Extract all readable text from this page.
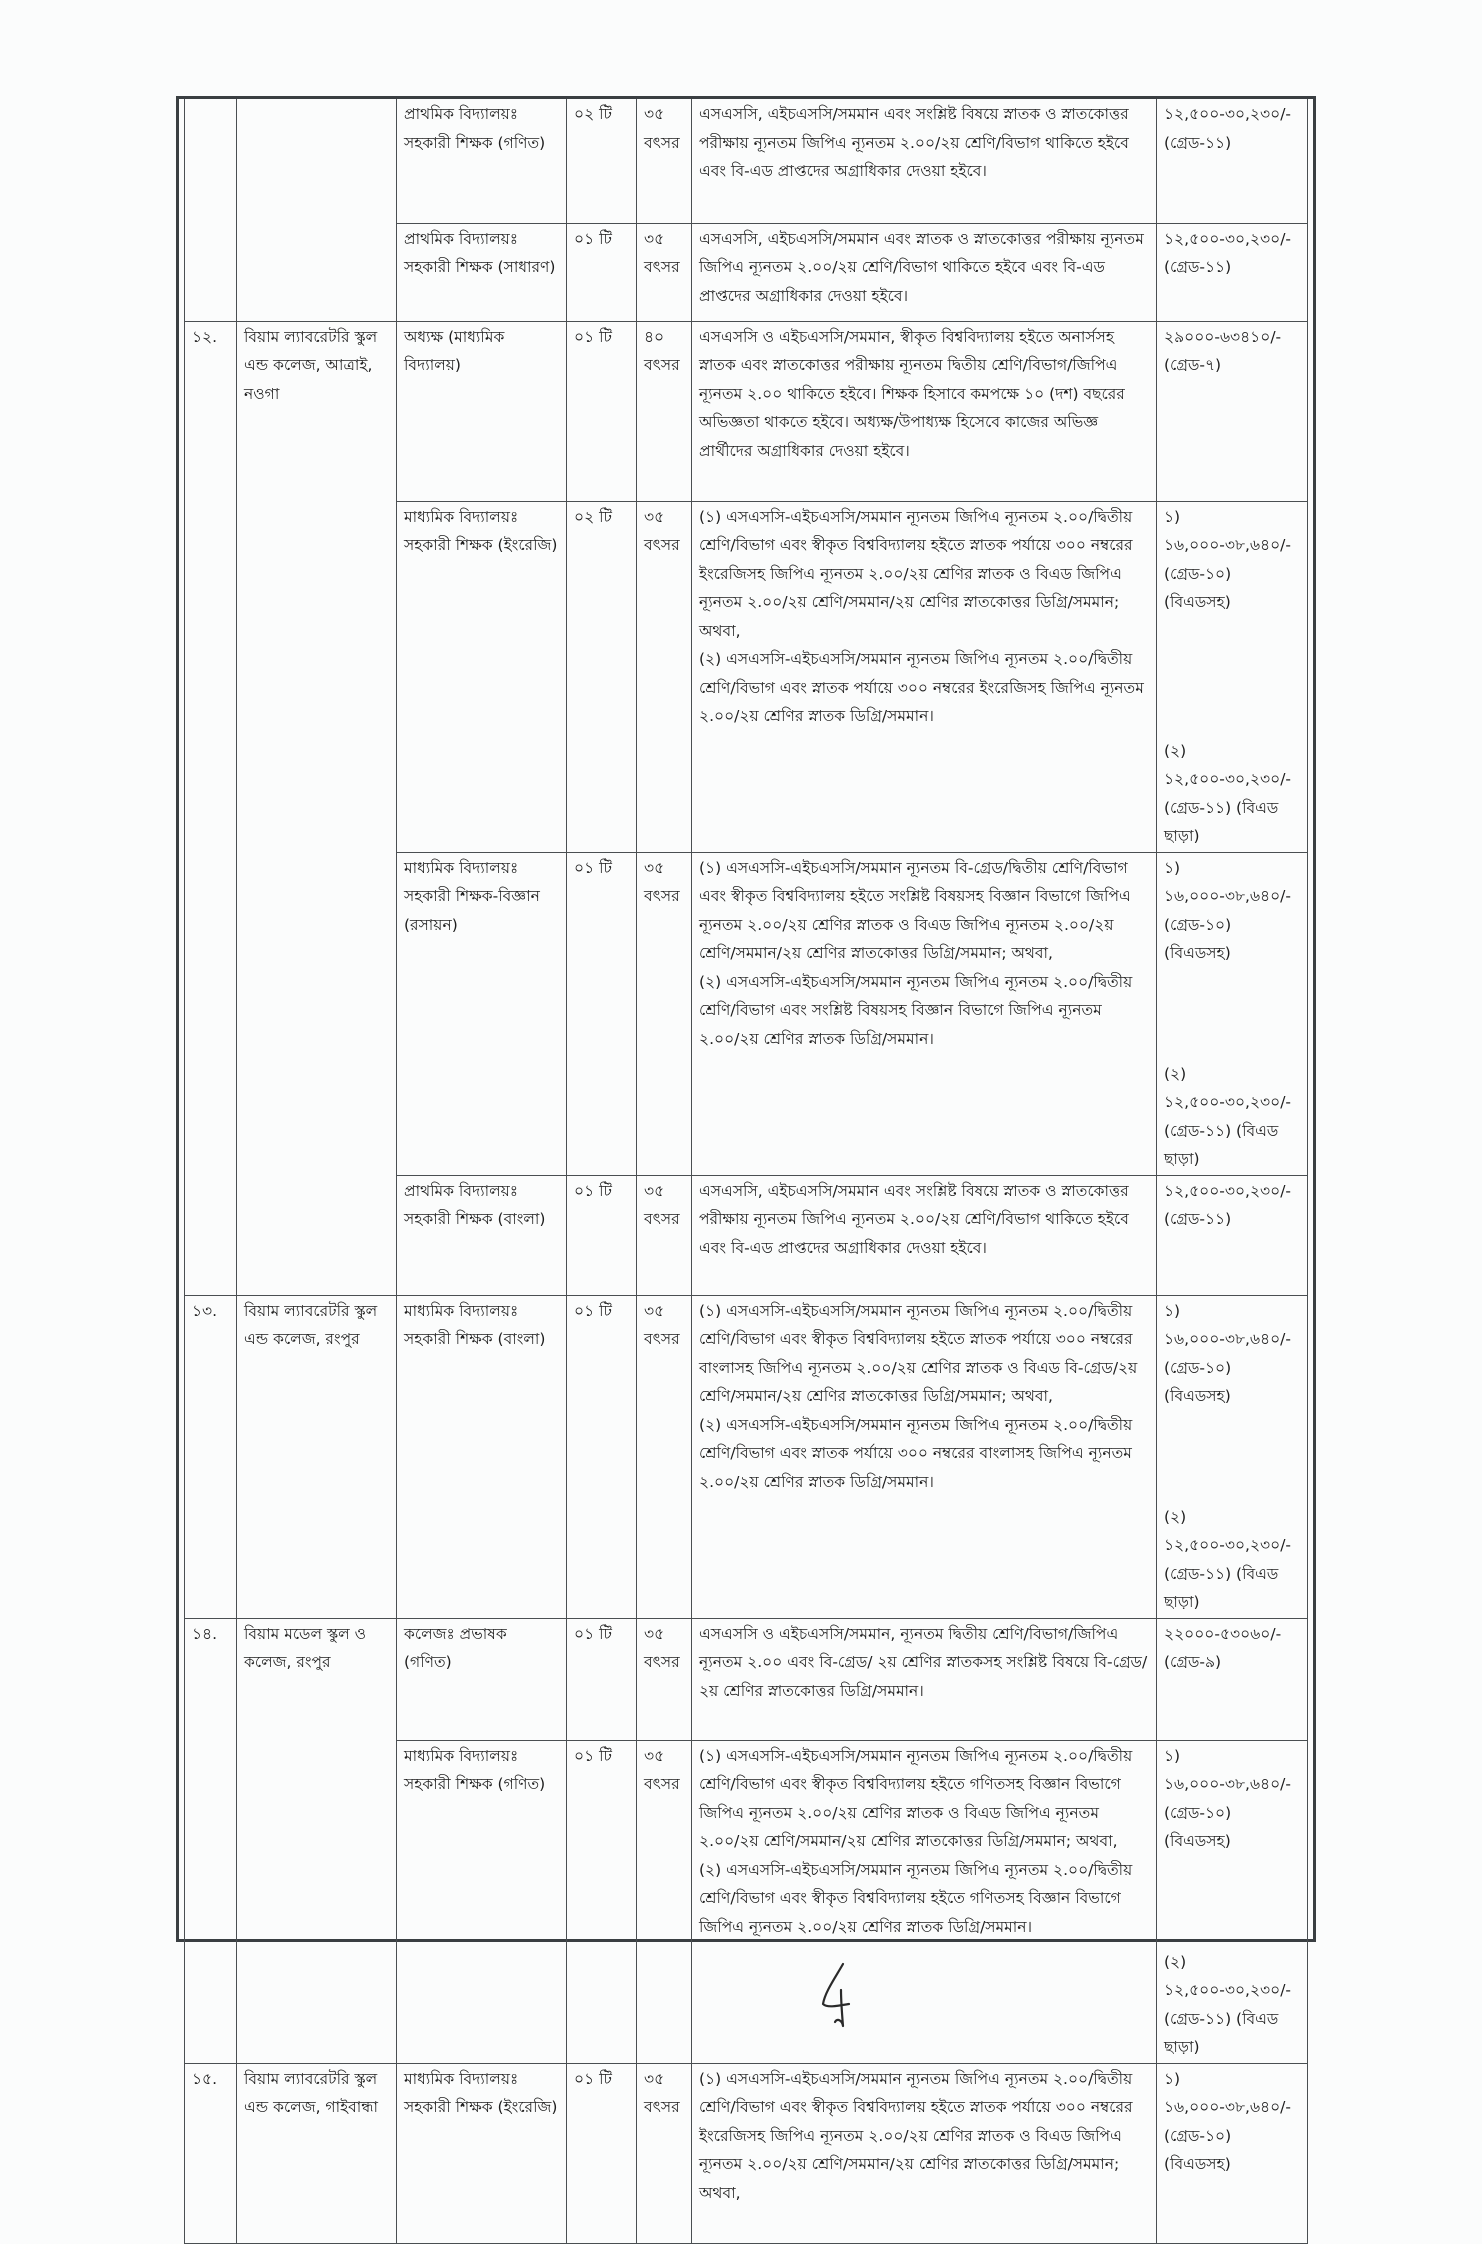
		প্রাথমিক বিদ্যালয়ঃ সহকারী শিক্ষক (গণিত)	০২ টি	৩৫ বৎসর	এসএসসি, এইচএসসি/সমমান এবং সংশ্লিষ্ট বিষয়ে স্নাতক ও স্নাতকোত্তর পরীক্ষায় ন্যূনতম জিপিএ ন্যূনতম ২.০০/২য় শ্রেণি/বিভাগ থাকিতে হইবে এবং বি-এড প্রাপ্তদের অগ্রাধিকার দেওয়া হইবে।	১২,৫০০-৩০,২৩০/- (গ্রেড-১১)

		প্রাথমিক বিদ্যালয়ঃ সহকারী শিক্ষক (সাধারণ)	০১ টি	৩৫ বৎসর	এসএসসি, এইচএসসি/সমমান এবং স্নাতক ও স্নাতকোত্তর পরীক্ষায় ন্যূনতম জিপিএ ন্যূনতম ২.০০/২য় শ্রেণি/বিভাগ থাকিতে হইবে এবং বি-এড প্রাপ্তদের অগ্রাধিকার দেওয়া হইবে।	১২,৫০০-৩০,২৩০/- (গ্রেড-১১)

১২.	বিয়াম ল্যাবরেটরি স্কুল এন্ড কলেজ, আত্রাই, নওগা	অধ্যক্ষ (মাধ্যমিক বিদ্যালয়)	০১ টি	৪০ বৎসর	এসএসসি ও এইচএসসি/সমমান, স্বীকৃত বিশ্ববিদ্যালয় হইতে অনার্সসহ স্নাতক এবং স্নাতকোত্তর পরীক্ষায় ন্যূনতম দ্বিতীয় শ্রেণি/বিভাগ/জিপিএ ন্যূনতম ২.০০ থাকিতে হইবে। শিক্ষক হিসাবে কমপক্ষে ১০ (দশ) বছরের অভিজ্ঞতা থাকতে হইবে। অধ্যক্ষ/উপাধ্যক্ষ হিসেবে কাজের অভিজ্ঞ প্রার্থীদের অগ্রাধিকার দেওয়া হইবে।	২৯০০০-৬৩৪১০/- (গ্রেড-৭)

		মাধ্যমিক বিদ্যালয়ঃ সহকারী শিক্ষক (ইংরেজি)	০২ টি	৩৫ বৎসর	(১) এসএসসি-এইচএসসি/সমমান ন্যূনতম জিপিএ ন্যূনতম ২.০০/দ্বিতীয় শ্রেণি/বিভাগ এবং স্বীকৃত বিশ্ববিদ্যালয় হইতে স্নাতক পর্যায়ে ৩০০ নম্বরের ইংরেজিসহ জিপিএ ন্যূনতম ২.০০/২য় শ্রেণির স্নাতক ও বিএড জিপিএ ন্যূনতম ২.০০/২য় শ্রেণি/সমমান/২য় শ্রেণির স্নাতকোত্তর ডিগ্রি/সমমান; অথবা,
(২) এসএসসি-এইচএসসি/সমমান ন্যূনতম জিপিএ ন্যূনতম ২.০০/দ্বিতীয় শ্রেণি/বিভাগ এবং স্নাতক পর্যায়ে ৩০০ নম্বরের ইংরেজিসহ জিপিএ ন্যূনতম ২.০০/২য় শ্রেণির স্নাতক ডিগ্রি/সমমান।	১) ১৬,০০০-৩৮,৬৪০/- (গ্রেড-১০) (বিএডসহ)
(২) ১২,৫০০-৩০,২৩০/- (গ্রেড-১১) (বিএড ছাড়া)

		মাধ্যমিক বিদ্যালয়ঃ সহকারী শিক্ষক-বিজ্ঞান (রসায়ন)	০১ টি	৩৫ বৎসর	(১) এসএসসি-এইচএসসি/সমমান ন্যূনতম বি-গ্রেড/দ্বিতীয় শ্রেণি/বিভাগ এবং স্বীকৃত বিশ্ববিদ্যালয় হইতে সংশ্লিষ্ট বিষয়সহ বিজ্ঞান বিভাগে জিপিএ ন্যূনতম ২.০০/২য় শ্রেণির স্নাতক ও বিএড জিপিএ ন্যূনতম ২.০০/২য় শ্রেণি/সমমান/২য় শ্রেণির স্নাতকোত্তর ডিগ্রি/সমমান; অথবা,
(২) এসএসসি-এইচএসসি/সমমান ন্যূনতম জিপিএ ন্যূনতম ২.০০/দ্বিতীয় শ্রেণি/বিভাগ এবং সংশ্লিষ্ট বিষয়সহ বিজ্ঞান বিভাগে জিপিএ ন্যূনতম ২.০০/২য় শ্রেণির স্নাতক ডিগ্রি/সমমান।	১) ১৬,০০০-৩৮,৬৪০/- (গ্রেড-১০) (বিএডসহ)
(২) ১২,৫০০-৩০,২৩০/- (গ্রেড-১১) (বিএড ছাড়া)

		প্রাথমিক বিদ্যালয়ঃ সহকারী শিক্ষক (বাংলা)	০১ টি	৩৫ বৎসর	এসএসসি, এইচএসসি/সমমান এবং সংশ্লিষ্ট বিষয়ে স্নাতক ও স্নাতকোত্তর পরীক্ষায় ন্যূনতম জিপিএ ন্যূনতম ২.০০/২য় শ্রেণি/বিভাগ থাকিতে হইবে এবং বি-এড প্রাপ্তদের অগ্রাধিকার দেওয়া হইবে।	১২,৫০০-৩০,২৩০/- (গ্রেড-১১)

১৩.	বিয়াম ল্যাবরেটরি স্কুল এন্ড কলেজ, রংপুর	মাধ্যমিক বিদ্যালয়ঃ সহকারী শিক্ষক (বাংলা)	০১ টি	৩৫ বৎসর	(১) এসএসসি-এইচএসসি/সমমান ন্যূনতম জিপিএ ন্যূনতম ২.০০/দ্বিতীয় শ্রেণি/বিভাগ এবং স্বীকৃত বিশ্ববিদ্যালয় হইতে স্নাতক পর্যায়ে ৩০০ নম্বরের বাংলাসহ জিপিএ ন্যূনতম ২.০০/২য় শ্রেণির স্নাতক ও বিএড বি-গ্রেড/২য় শ্রেণি/সমমান/২য় শ্রেণির স্নাতকোত্তর ডিগ্রি/সমমান; অথবা,
(২) এসএসসি-এইচএসসি/সমমান ন্যূনতম জিপিএ ন্যূনতম ২.০০/দ্বিতীয় শ্রেণি/বিভাগ এবং স্নাতক পর্যায়ে ৩০০ নম্বরের বাংলাসহ জিপিএ ন্যূনতম ২.০০/২য় শ্রেণির স্নাতক ডিগ্রি/সমমান।	১) ১৬,০০০-৩৮,৬৪০/- (গ্রেড-১০) (বিএডসহ)
(২) ১২,৫০০-৩০,২৩০/- (গ্রেড-১১) (বিএড ছাড়া)

১৪.	বিয়াম মডেল স্কুল ও কলেজ, রংপুর	কলেজঃ প্রভাষক (গণিত)	০১ টি	৩৫ বৎসর	এসএসসি ও এইচএসসি/সমমান, ন্যূনতম দ্বিতীয় শ্রেণি/বিভাগ/জিপিএ ন্যূনতম ২.০০ এবং বি-গ্রেড/ ২য় শ্রেণির স্নাতকসহ সংশ্লিষ্ট বিষয়ে বি-গ্রেড/২য় শ্রেণির স্নাতকোত্তর ডিগ্রি/সমমান।	২২০০০-৫৩০৬০/- (গ্রেড-৯)

		মাধ্যমিক বিদ্যালয়ঃ সহকারী শিক্ষক (গণিত)	০১ টি	৩৫ বৎসর	(১) এসএসসি-এইচএসসি/সমমান ন্যূনতম জিপিএ ন্যূনতম ২.০০/দ্বিতীয় শ্রেণি/বিভাগ এবং স্বীকৃত বিশ্ববিদ্যালয় হইতে গণিতসহ বিজ্ঞান বিভাগে জিপিএ ন্যূনতম ২.০০/২য় শ্রেণির স্নাতক ও বিএড জিপিএ ন্যূনতম ২.০০/২য় শ্রেণি/সমমান/২য় শ্রেণির স্নাতকোত্তর ডিগ্রি/সমমান; অথবা,
(২) এসএসসি-এইচএসসি/সমমান ন্যূনতম জিপিএ ন্যূনতম ২.০০/দ্বিতীয় শ্রেণি/বিভাগ এবং স্বীকৃত বিশ্ববিদ্যালয় হইতে গণিতসহ বিজ্ঞান বিভাগে জিপিএ ন্যূনতম ২.০০/২য় শ্রেণির স্নাতক ডিগ্রি/সমমান।	১) ১৬,০০০-৩৮,৬৪০/- (গ্রেড-১০) (বিএডসহ)
(২) ১২,৫০০-৩০,২৩০/- (গ্রেড-১১) (বিএড ছাড়া)

১৫.	বিয়াম ল্যাবরেটরি স্কুল এন্ড কলেজ, গাইবান্ধা	মাধ্যমিক বিদ্যালয়ঃ সহকারী শিক্ষক (ইংরেজি)	০১ টি	৩৫ বৎসর	(১) এসএসসি-এইচএসসি/সমমান ন্যূনতম জিপিএ ন্যূনতম ২.০০/দ্বিতীয় শ্রেণি/বিভাগ এবং স্বীকৃত বিশ্ববিদ্যালয় হইতে স্নাতক পর্যায়ে ৩০০ নম্বরের ইংরেজিসহ জিপিএ ন্যূনতম ২.০০/২য় শ্রেণির স্নাতক ও বিএড জিপিএ ন্যূনতম ২.০০/২য় শ্রেণি/সমমান/২য় শ্রেণির স্নাতকোত্তর ডিগ্রি/সমমান; অথবা,	১) ১৬,০০০-৩৮,৬৪০/- (গ্রেড-১০) (বিএডসহ)
